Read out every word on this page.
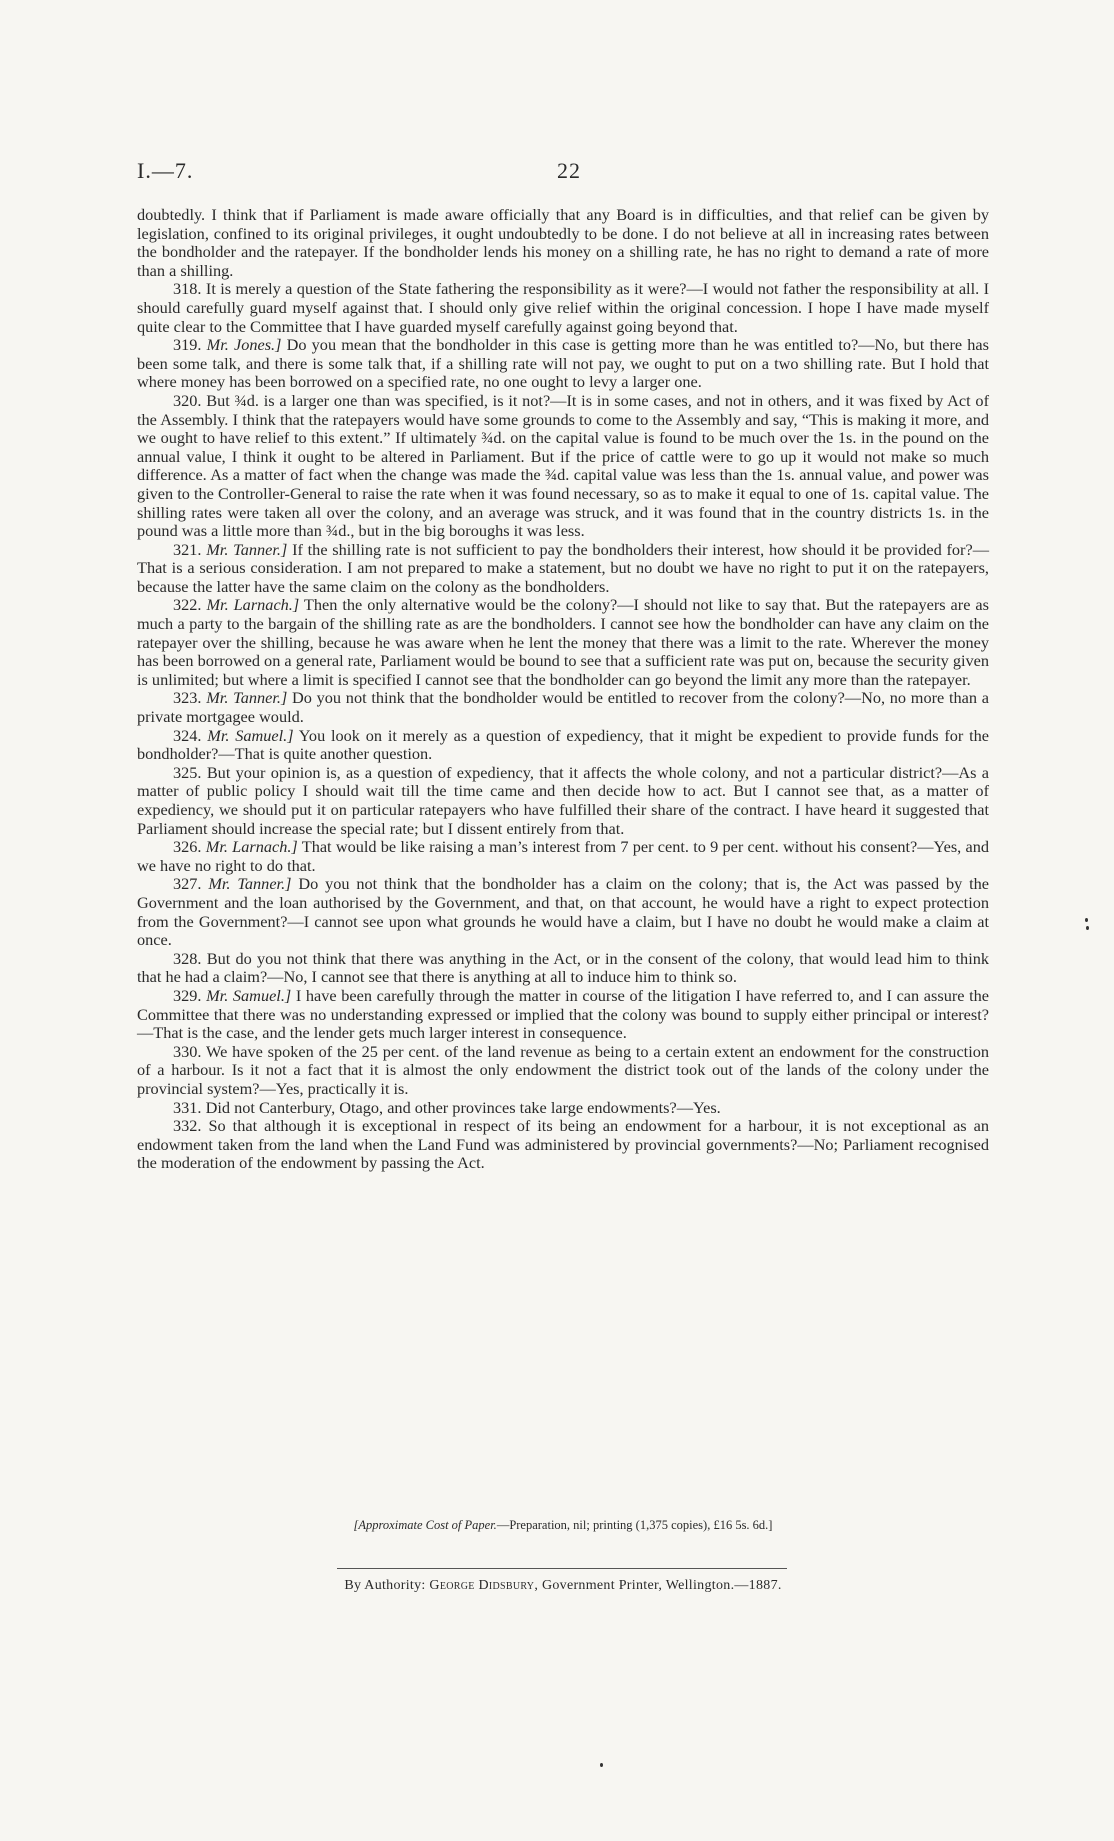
I.—7.	22

doubtedly. I think that if Parliament is made aware officially that any Board is in difficulties, and that relief can be given by legislation, confined to its original privileges, it ought undoubtedly to be done. I do not believe at all in increasing rates between the bondholder and the ratepayer. If the bondholder lends his money on a shilling rate, he has no right to demand a rate of more than a shilling.

318. It is merely a question of the State fathering the responsibility as it were?—I would not father the responsibility at all. I should carefully guard myself against that. I should only give relief within the original concession. I hope I have made myself quite clear to the Committee that I have guarded myself carefully against going beyond that.

319. Mr. Jones.] Do you mean that the bondholder in this case is getting more than he was entitled to?—No, but there has been some talk, and there is some talk that, if a shilling rate will not pay, we ought to put on a two shilling rate. But I hold that where money has been borrowed on a specified rate, no one ought to levy a larger one.

320. But ¾d. is a larger one than was specified, is it not?—It is in some cases, and not in others, and it was fixed by Act of the Assembly. I think that the ratepayers would have some grounds to come to the Assembly and say, “This is making it more, and we ought to have relief to this extent.” If ultimately ¾d. on the capital value is found to be much over the 1s. in the pound on the annual value, I think it ought to be altered in Parliament. But if the price of cattle were to go up it would not make so much difference. As a matter of fact when the change was made the ¾d. capital value was less than the 1s. annual value, and power was given to the Controller-General to raise the rate when it was found necessary, so as to make it equal to one of 1s. capital value. The shilling rates were taken all over the colony, and an average was struck, and it was found that in the country districts 1s. in the pound was a little more than ¾d., but in the big boroughs it was less.

321. Mr. Tanner.] If the shilling rate is not sufficient to pay the bondholders their interest, how should it be provided for?—That is a serious consideration. I am not prepared to make a statement, but no doubt we have no right to put it on the ratepayers, because the latter have the same claim on the colony as the bondholders.

322. Mr. Larnach.] Then the only alternative would be the colony?—I should not like to say that. But the ratepayers are as much a party to the bargain of the shilling rate as are the bondholders. I cannot see how the bondholder can have any claim on the ratepayer over the shilling, because he was aware when he lent the money that there was a limit to the rate. Wherever the money has been borrowed on a general rate, Parliament would be bound to see that a sufficient rate was put on, because the security given is unlimited; but where a limit is specified I cannot see that the bondholder can go beyond the limit any more than the ratepayer.

323. Mr. Tanner.] Do you not think that the bondholder would be entitled to recover from the colony?—No, no more than a private mortgagee would.

324. Mr. Samuel.] You look on it merely as a question of expediency, that it might be expedient to provide funds for the bondholder?—That is quite another question.

325. But your opinion is, as a question of expediency, that it affects the whole colony, and not a particular district?—As a matter of public policy I should wait till the time came and then decide how to act. But I cannot see that, as a matter of expediency, we should put it on particular ratepayers who have fulfilled their share of the contract. I have heard it suggested that Parliament should increase the special rate; but I dissent entirely from that.

326. Mr. Larnach.] That would be like raising a man’s interest from 7 per cent. to 9 per cent. without his consent?—Yes, and we have no right to do that.

327. Mr. Tanner.] Do you not think that the bondholder has a claim on the colony; that is, the Act was passed by the Government and the loan authorised by the Government, and that, on that account, he would have a right to expect protection from the Government?—I cannot see upon what grounds he would have a claim, but I have no doubt he would make a claim at once.

328. But do you not think that there was anything in the Act, or in the consent of the colony, that would lead him to think that he had a claim?—No, I cannot see that there is anything at all to induce him to think so.

329. Mr. Samuel.] I have been carefully through the matter in course of the litigation I have referred to, and I can assure the Committee that there was no understanding expressed or implied that the colony was bound to supply either principal or interest?—That is the case, and the lender gets much larger interest in consequence.

330. We have spoken of the 25 per cent. of the land revenue as being to a certain extent an endowment for the construction of a harbour. Is it not a fact that it is almost the only endowment the district took out of the lands of the colony under the provincial system?—Yes, practically it is.

331. Did not Canterbury, Otago, and other provinces take large endowments?—Yes.

332. So that although it is exceptional in respect of its being an endowment for a harbour, it is not exceptional as an endowment taken from the land when the Land Fund was administered by provincial governments?—No; Parliament recognised the moderation of the endowment by passing the Act.

[Approximate Cost of Paper.—Preparation, nil; printing (1,375 copies), £16 5s. 6d.]
By Authority: George Didsbury, Government Printer, Wellington.—1887.
